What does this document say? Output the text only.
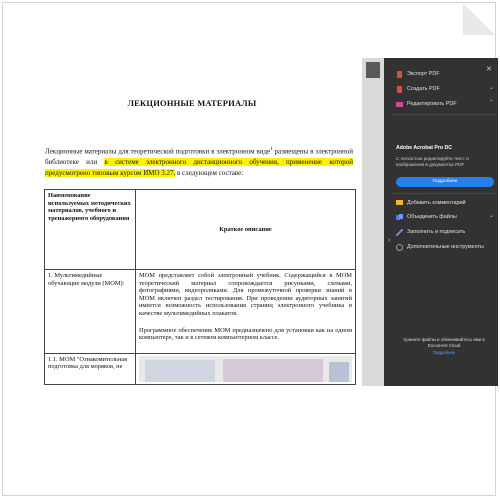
ЛЕКЦИОННЫЕ МАТЕРИАЛЫ
Лекционные материалы для теоретической подготовки в электронном виде$^1$ размещены в электронной библиотеке или в системе электронного дистанционного обучения, применение которой предусмотрено типовым курсом ИМО 3.27, в следующем составе:
Наименование используемых методических материалов, учебного и тренажерного оборудования	Краткое описание
1. Мультимедийные обучающие модули (МОМ):	МОМ представляет собой электронный учебник. Содержащийся в МОМ теоретический материал сопровождается рисунками, схемами, фотографиями, видеороликами. Для промежуточной проверки знаний в МОМ включен раздел тестирования. При проведении аудиторных занятий имеется возможность использования страниц электронного учебника в качестве мультимедийных плакатов.

Программное обеспечение МОМ предназначено для установки как на одном компьютере, так и в сетевом компьютерном классе.

1.1. МОМ "Ознакомительная подготовка для моряков, не	
›
✕
Экспорт PDF
Создать PDF	⌄
Редактировать PDF	⌃
Adobe Acrobat Pro DC
С легкостью редактируйте текст и изображения в документах PDF
Подробнее
Добавить комментарий
Объединить файлы	⌄
Заполнить и подписать
Дополнительные инструменты
Храните файлы и обменивайтесь ими в Document Cloud
Подробнее
